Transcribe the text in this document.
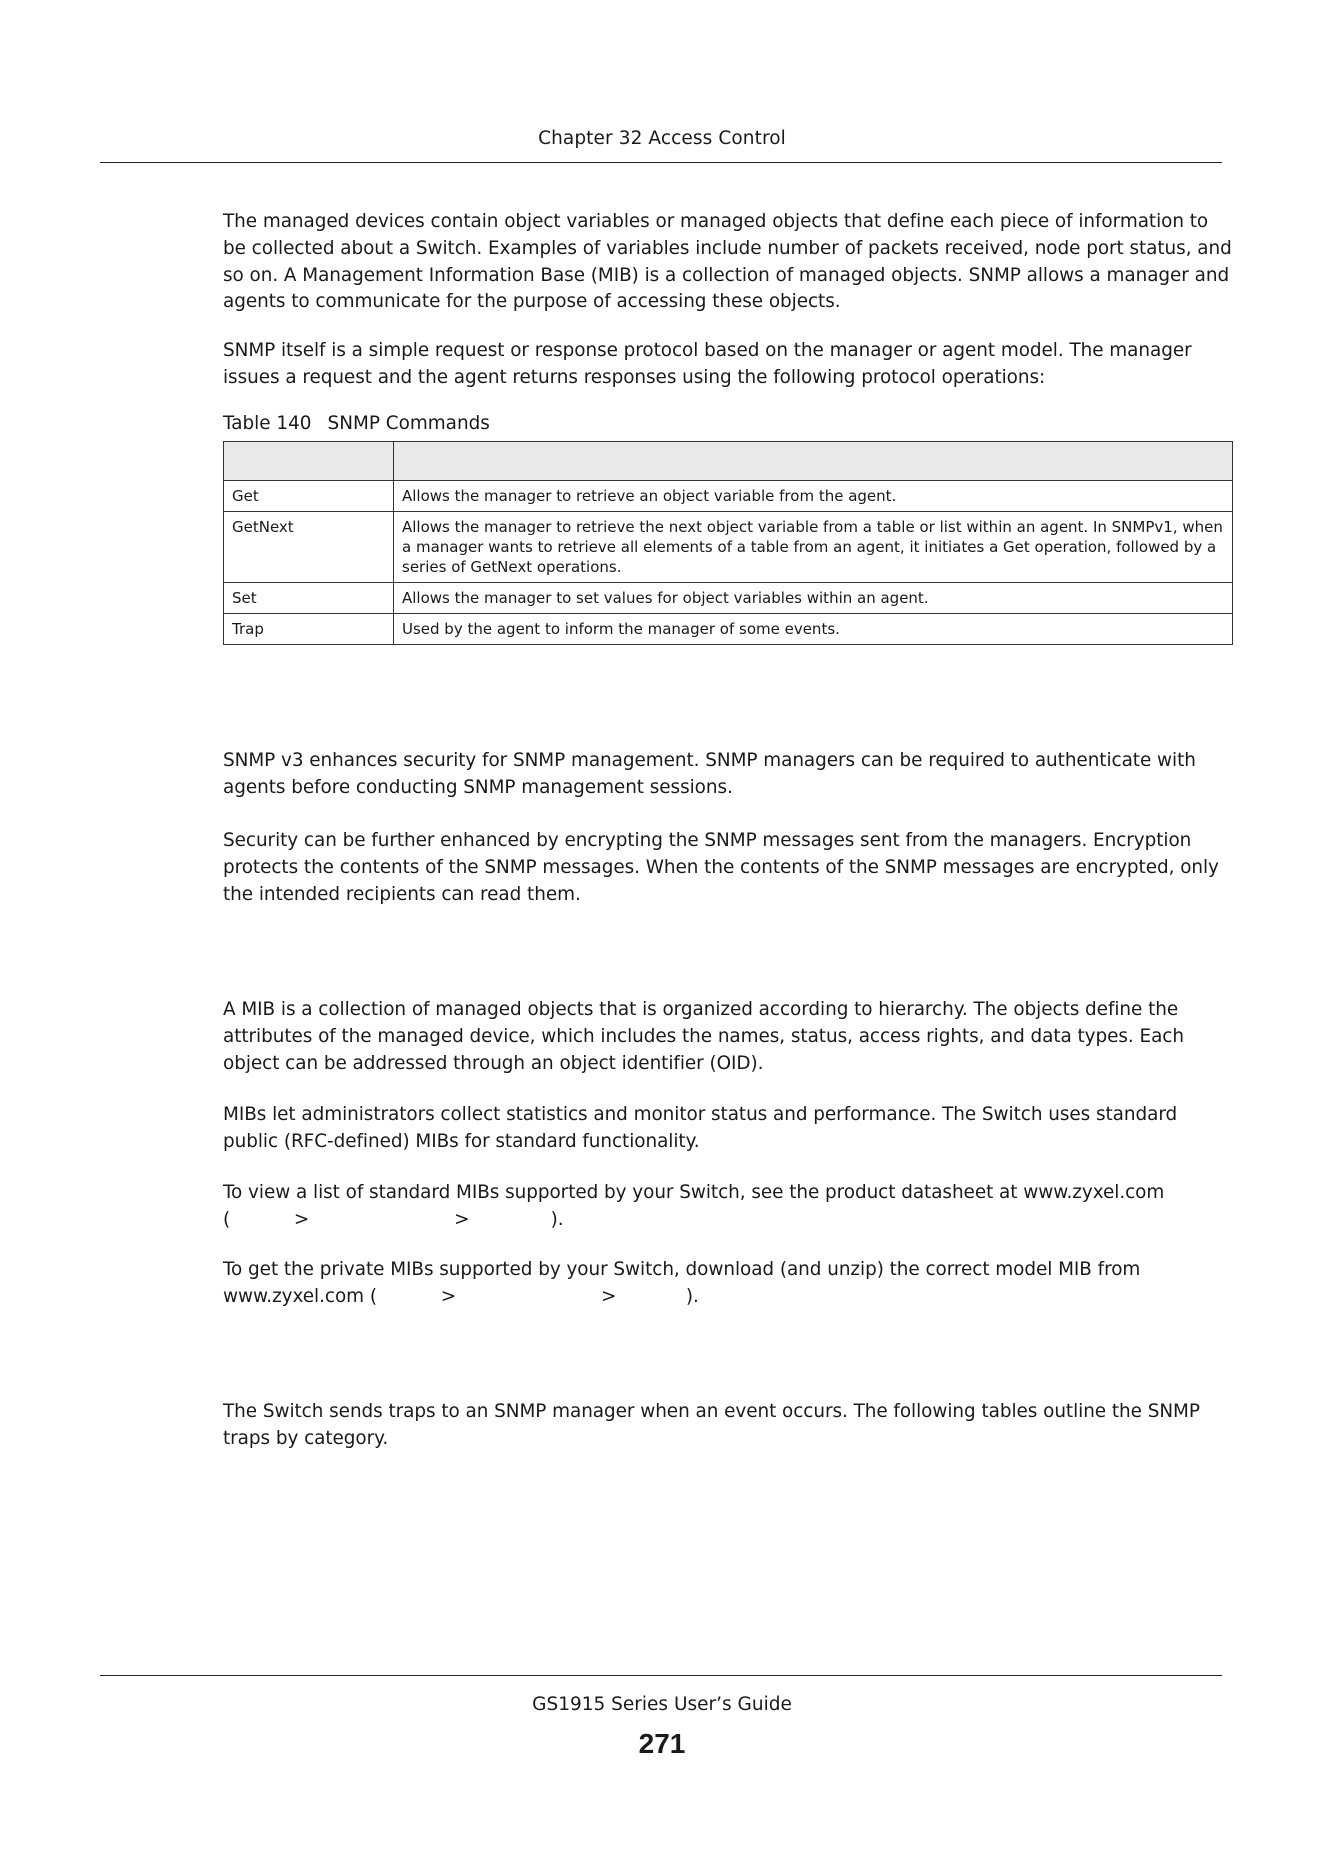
Chapter 32 Access Control

The managed devices contain object variables or managed objects that define each piece of information to be collected about a Switch. Examples of variables include number of packets received, node port status, and so on. A Management Information Base (MIB) is a collection of managed objects. SNMP allows a manager and agents to communicate for the purpose of accessing these objects.

SNMP itself is a simple request or response protocol based on the manager or agent model. The manager issues a request and the agent returns responses using the following protocol operations:

Table 140 SNMP Commands

Get	Allows the manager to retrieve an object variable from the agent.
GetNext	Allows the manager to retrieve the next object variable from a table or list within an agent. In SNMPv1, when a manager wants to retrieve all elements of a table from an agent, it initiates a Get operation, followed by a series of GetNext operations.
Set	Allows the manager to set values for object variables within an agent.
Trap	Used by the agent to inform the manager of some events.

SNMP v3 enhances security for SNMP management. SNMP managers can be required to authenticate with agents before conducting SNMP management sessions.

Security can be further enhanced by encrypting the SNMP messages sent from the managers. Encryption protects the contents of the SNMP messages. When the contents of the SNMP messages are encrypted, only the intended recipients can read them.

A MIB is a collection of managed objects that is organized according to hierarchy. The objects define the attributes of the managed device, which includes the names, status, access rights, and data types. Each object can be addressed through an object identifier (OID).

MIBs let administrators collect statistics and monitor status and performance. The Switch uses standard public (RFC-defined) MIBs for standard functionality.

To view a list of standard MIBs supported by your Switch, see the product datasheet at www.zyxel.com
(           >                         >              ).

To get the private MIBs supported by your Switch, download (and unzip) the correct model MIB from
www.zyxel.com (           >                         >            ).

The Switch sends traps to an SNMP manager when an event occurs. The following tables outline the SNMP traps by category.

GS1915 Series User’s Guide
271
